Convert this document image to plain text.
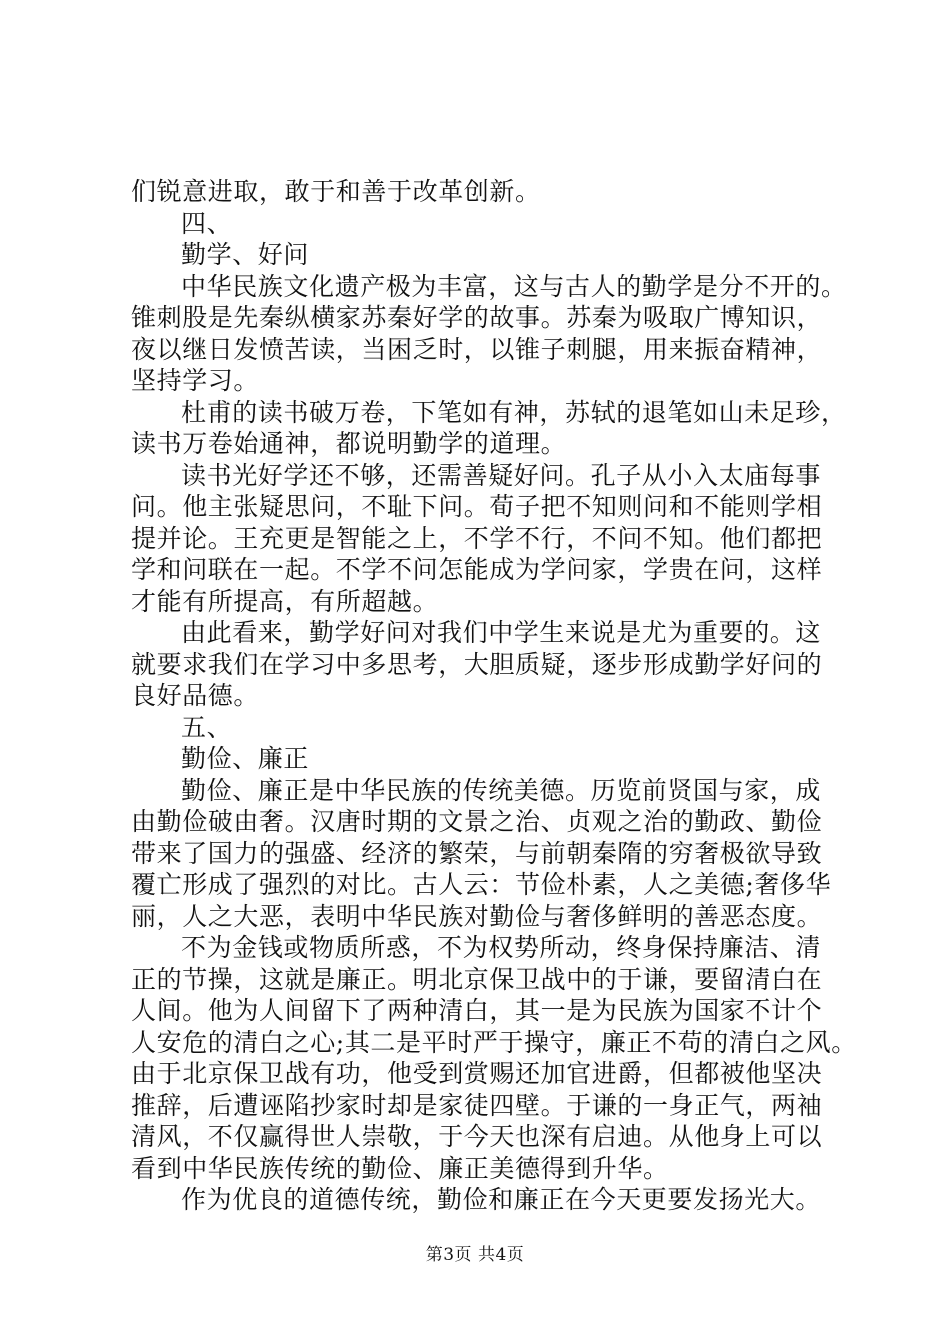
们锐意进取，敢于和善于改革创新。
四、
勤学、好问
中华民族文化遗产极为丰富，这与古人的勤学是分不开的。
锥刺股是先秦纵横家苏秦好学的故事。苏秦为吸取广博知识，
夜以继日发愤苦读，当困乏时，以锥子刺腿，用来振奋精神，
坚持学习。
杜甫的读书破万卷，下笔如有神，苏轼的退笔如山未足珍，
读书万卷始通神，都说明勤学的道理。
读书光好学还不够，还需善疑好问。孔子从小入太庙每事
问。他主张疑思问，不耻下问。荀子把不知则问和不能则学相
提并论。王充更是智能之上，不学不行，不问不知。他们都把
学和问联在一起。不学不问怎能成为学问家，学贵在问，这样
才能有所提高，有所超越。
由此看来，勤学好问对我们中学生来说是尤为重要的。这
就要求我们在学习中多思考，大胆质疑，逐步形成勤学好问的
良好品德。
五、
勤俭、廉正
勤俭、廉正是中华民族的传统美德。历览前贤国与家，成
由勤俭破由奢。汉唐时期的文景之治、贞观之治的勤政、勤俭
带来了国力的强盛、经济的繁荣，与前朝秦隋的穷奢极欲导致
覆亡形成了强烈的对比。古人云：节俭朴素，人之美德;奢侈华
丽，人之大恶，表明中华民族对勤俭与奢侈鲜明的善恶态度。
不为金钱或物质所惑，不为权势所动，终身保持廉洁、清
正的节操，这就是廉正。明北京保卫战中的于谦，要留清白在
人间。他为人间留下了两种清白，其一是为民族为国家不计个
人安危的清白之心;其二是平时严于操守，廉正不苟的清白之风。
由于北京保卫战有功，他受到赏赐还加官进爵，但都被他坚决
推辞，后遭诬陷抄家时却是家徒四壁。于谦的一身正气，两袖
清风，不仅赢得世人崇敬，于今天也深有启迪。从他身上可以
看到中华民族传统的勤俭、廉正美德得到升华。
作为优良的道德传统，勤俭和廉正在今天更要发扬光大。
第3页 共4页
